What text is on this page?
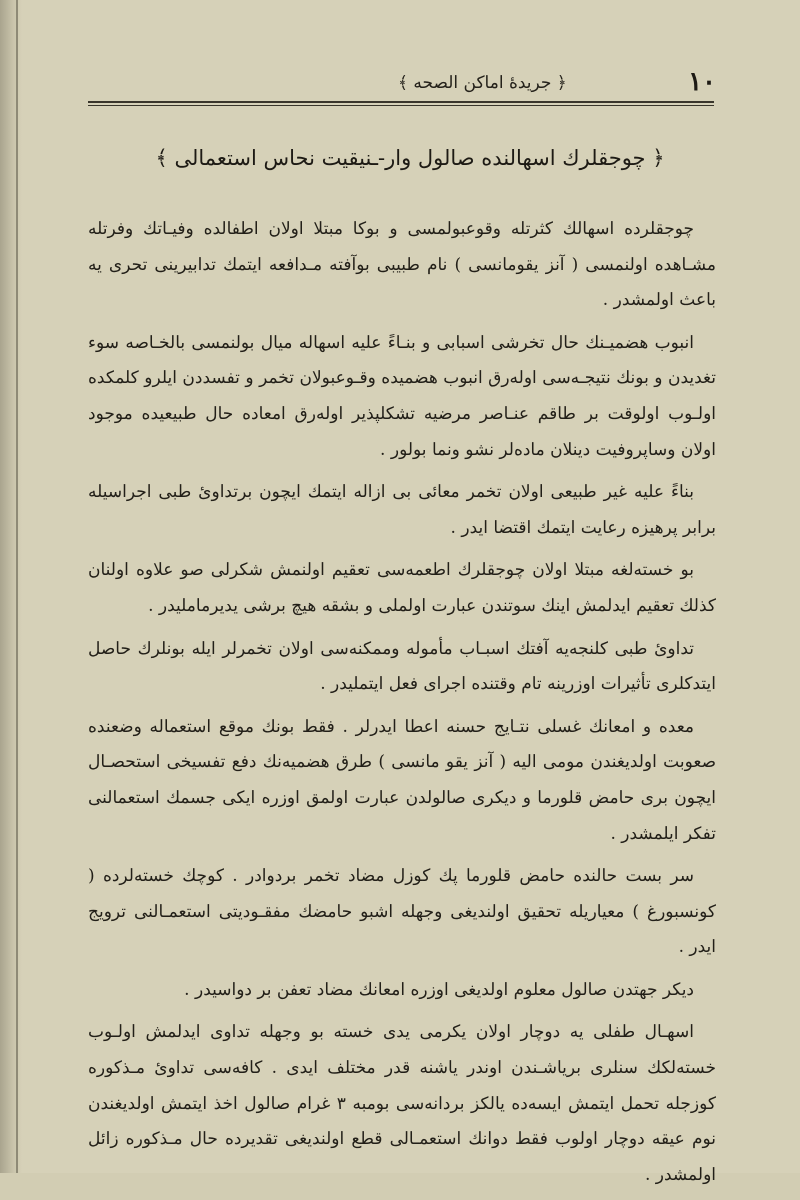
١٠
﴿ جريدهٔ اماكن الصحه ﴾
﴿ چوجقلرك اسهالنده صالول وار-ـنيقيت نحاس استعمالى ﴾

چوجقلرده اسهالك كثرتله وقوعبولمسى و بوكا مبتلا اولان اطفالده وفيـاتك وفرتله مشـاهده اولنمسى ( آنز يقومانسى ) نام طبيبى بوآفته مـدافعه ايتمك تدابيرينى تحرى يه باعث اولمشدر .

انبوب هضميـنك حال تخرشى اسبابى و بنـاءً عليه اسهاله ميال بولنمسى بالخـاصه سوء تغديدن و بونك نتيجـه‌سى اوله‌رق انبوب هضميده وقـوعبولان تخمر و تفسددن ايلرو كلمكده اولـوب اولوقت بر طاقم عنـاصر مرضيه تشكلپذير اوله‌رق امعاده حال طبيعيده موجود اولان وساپروفيت دينلان ماده‌لر نشو ونما بولور .

بناءً عليه غير طبيعى اولان تخمر معائى بى ازاله ايتمك ايچون برتداوىٔ طبى اجراسيله برابر پرهيزه رعايت ايتمك اقتضا ايدر .

بو خسته‌لغه مبتلا اولان چوجقلرك اطعمه‌سى تعقيم اولنمش شكرلى صو علاوه اولنان كذلك تعقيم ايدلمش اينك سوتندن عبارت اولملى و بشقه هيچ برشى يديرمامليدر .

تداوىٔ طبى كلنجه‌يه آفتك اسبـاب مأموله وممكنه‌سى اولان تخمرلر ايله بونلرك حاصل ايتدكلرى تأثيرات اوزرينه تام وقتنده اجراى فعل ايتمليدر .

معده و امعانك غسلى نتـايج حسنه اعطا ايدرلر . فقط بونك موقع استعماله وضعنده صعوبت اولديغندن مومى اليه ( آنز يقو مانسى ) طرق هضميه‌نك دفع تفسيخى استحصـال ايچون برى حامض قلورما و ديكرى صالولدن عبارت اولمق اوزره ايكى جسمك استعمالنى تفكر ايلمشدر .

سر بست حالنده حامض قلورما پك كوزل مضاد تخمر بردوادر . كوچك خسته‌لرده ( كونسبورغ ) معياريله تحقيق اولنديغى وجهله اشبو حامضك مفقـوديتى استعمـالنى ترويج ايدر .

ديكر جهتدن صالول معلوم اولديغى اوزره امعانك مضاد تعفن بر دواسيدر .

اسهـال طفلى يه دوچار اولان يكرمى يدى خسته بو وجهله تداوى ايدلمش اولـوب خسته‌لكك سنلرى برياشـندن اوندر ياشنه قدر مختلف ايدى . كافه‌سى تداوىٔ مـذكوره كوزجله تحمل ايتمش ايسه‌ده يالكز بردانه‌سى بومبه ۳ غرام صالول اخذ ايتمش اولديغندن نوم عيقه دوچار اولوب فقط دوانك استعمـالى قطع اولنديغى تقديرده حال مـذكوره زائل اولمشدر .
